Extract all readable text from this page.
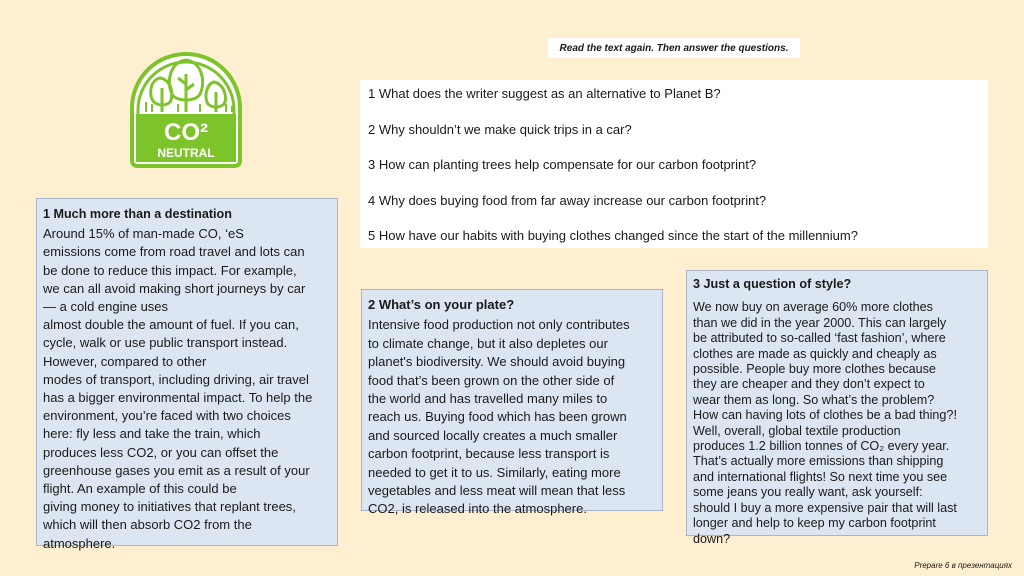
CO²
NEUTRAL
Read the text again. Then answer the questions.
1 What does the writer suggest as an alternative to Planet B?
2 Why shouldn’t we make quick trips in a car?
3 How can planting trees help compensate for our carbon footprint?
4 Why does buying food from far away increase our carbon footprint?
5 How have our habits with buying clothes changed since the start of the millennium?
1 Much more than a destination
Around 15% of man-made CO, ‘eS
emissions come from road travel and lots can
be done to reduce this impact. For example,
we can all avoid making short journeys by car
— a cold engine uses
almost double the amount of fuel. If you can,
cycle, walk or use public transport instead.
However, compared to other
modes of transport, including driving, air travel
has a bigger environmental impact. To help the
environment, you’re faced with two choices
here: fly less and take the train, which
produces less CO2, or you can offset the
greenhouse gases you emit as a result of your
flight. An example of this could be
giving money to initiatives that replant trees,
which will then absorb CO2 from the
atmosphere.
2 What’s on your plate?
Intensive food production not only contributes
to climate change, but it also depletes our
planet's biodiversity. We should avoid buying
food that’s been grown on the other side of
the world and has travelled many miles to
reach us. Buying food which has been grown
and sourced locally creates a much smaller
carbon footprint, because less transport is
needed to get it to us. Similarly, eating more
vegetables and less meat will mean that less
CO2, is released into the atmosphere.
3 Just a question of style?
We now buy on average 60% more clothes
than we did in the year 2000. This can largely
be attributed to so-called ‘fast fashion’, where
clothes are made as quickly and cheaply as
possible. People buy more clothes because
they are cheaper and they don’t expect to
wear them as long. So what’s the problem?
How can having lots of clothes be a bad thing?!
Well, overall, global textile production
produces 1.2 billion tonnes of CO₂ every year.
That’s actually more emissions than shipping
and international flights! So next time you see
some jeans you really want, ask yourself:
should I buy a more expensive pair that will last
longer and help to keep my carbon footprint
down?
Prepare 6 в презентациях
